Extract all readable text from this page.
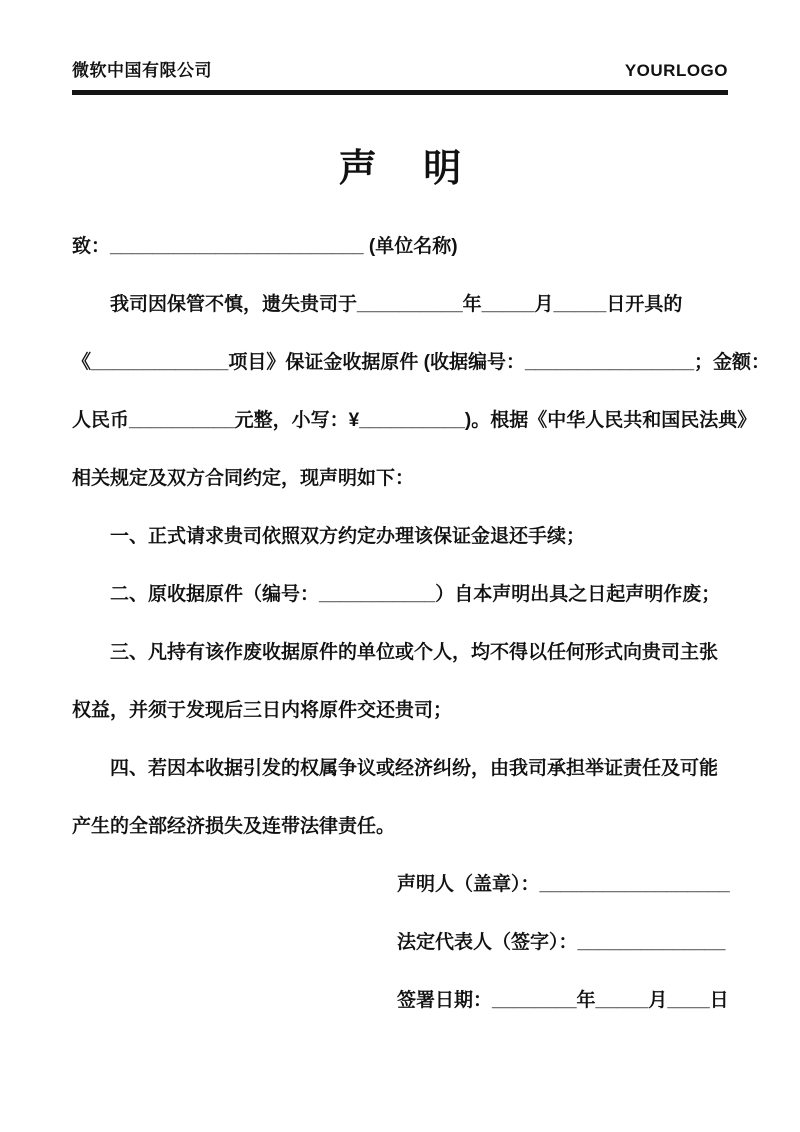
微软中国有限公司	YOURLOGO
声 明
致：________________________ (单位名称)
我司因保管不慎，遗失贵司于__________年_____月_____日开具的
《_____________项目》保证金收据原件 (收据编号：________________；金额：
人民币__________元整，小写：¥__________)。根据《中华人民共和国民法典》
相关规定及双方合同约定，现声明如下：
一、正式请求贵司依照双方约定办理该保证金退还手续；
二、原收据原件（编号：___________）自本声明出具之日起声明作废；
三、凡持有该作废收据原件的单位或个人，均不得以任何形式向贵司主张
权益，并须于发现后三日内将原件交还贵司；
四、若因本收据引发的权属争议或经济纠纷，由我司承担举证责任及可能
产生的全部经济损失及连带法律责任。
声明人（盖章）：__________________
法定代表人（签字）：______________
签署日期：________年_____月____日
